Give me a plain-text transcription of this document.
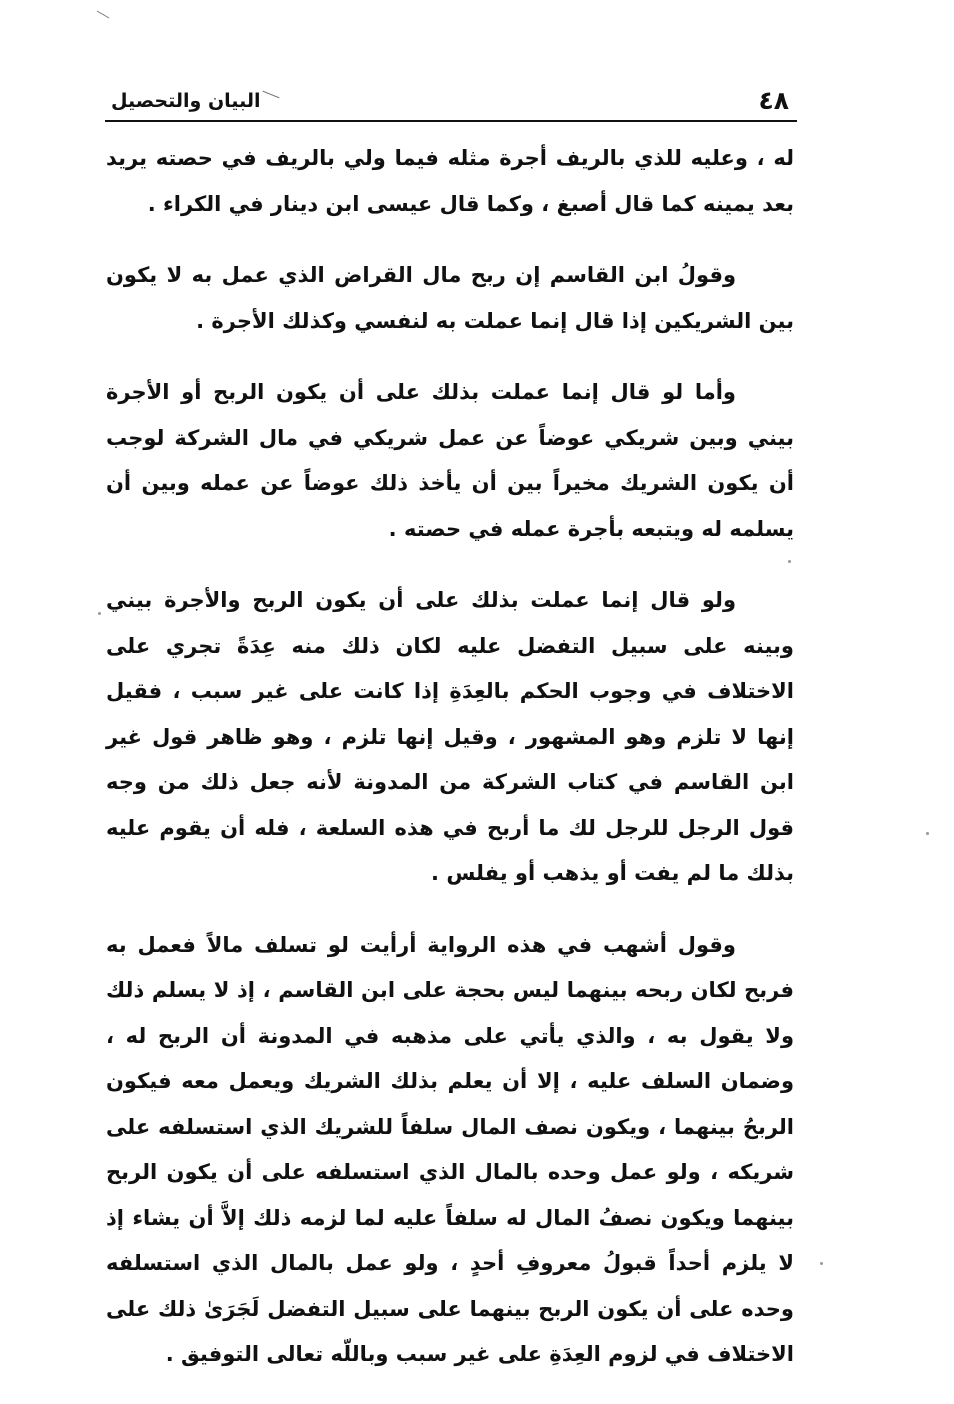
٤٨
البيان والتحصيل

له ، وعليه للذي بالريف أجرة مثله فيما ولي بالريف في حصته يريد بعد يمينه كما قال أصبغ ، وكما قال عيسى ابن دينار في الكراء .

وقولُ ابن القاسم إن ربح مال القراض الذي عمل به لا يكون بين الشريكين إذا قال إنما عملت به لنفسي وكذلك الأجرة .

وأما لو قال إنما عملت بذلك على أن يكون الربح أو الأجرة بيني وبين شريكي عوضاً عن عمل شريكي في مال الشركة لوجب أن يكون الشريك مخيراً بين أن يأخذ ذلك عوضاً عن عمله وبين أن يسلمه له ويتبعه بأجرة عمله في حصته .

ولو قال إنما عملت بذلك على أن يكون الربح والأجرة بيني وبينه على سبيل التفضل عليه لكان ذلك منه عِدَةً تجري على الاختلاف في وجوب الحكم بالعِدَةِ إذا كانت على غير سبب ، فقيل إنها لا تلزم وهو المشهور ، وقيل إنها تلزم ، وهو ظاهر قول غير ابن القاسم في كتاب الشركة من المدونة لأنه جعل ذلك من وجه قول الرجل للرجل لك ما أربح في هذه السلعة ، فله أن يقوم عليه بذلك ما لم يفت أو يذهب أو يفلس .

وقول أشهب في هذه الرواية أرأيت لو تسلف مالاً فعمل به فربح لكان ربحه بينهما ليس بحجة على ابن القاسم ، إذ لا يسلم ذلك ولا يقول به ، والذي يأتي على مذهبه في المدونة أن الربح له ، وضمان السلف عليه ، إلا أن يعلم بذلك الشريك ويعمل معه فيكون الربحُ بينهما ، ويكون نصف المال سلفاً للشريك الذي استسلفه على شريكه ، ولو عمل وحده بالمال الذي استسلفه على أن يكون الربح بينهما ويكون نصفُ المال له سلفاً عليه لما لزمه ذلك إلاَّ أن يشاء إذ لا يلزم أحداً قبولُ معروفِ أحدٍ ، ولو عمل بالمال الذي استسلفه وحده على أن يكون الربح بينهما على سبيل التفضل لَجَرَىٰ ذلك على الاختلاف في لزوم العِدَةِ على غير سبب وباللّه تعالى التوفيق .
